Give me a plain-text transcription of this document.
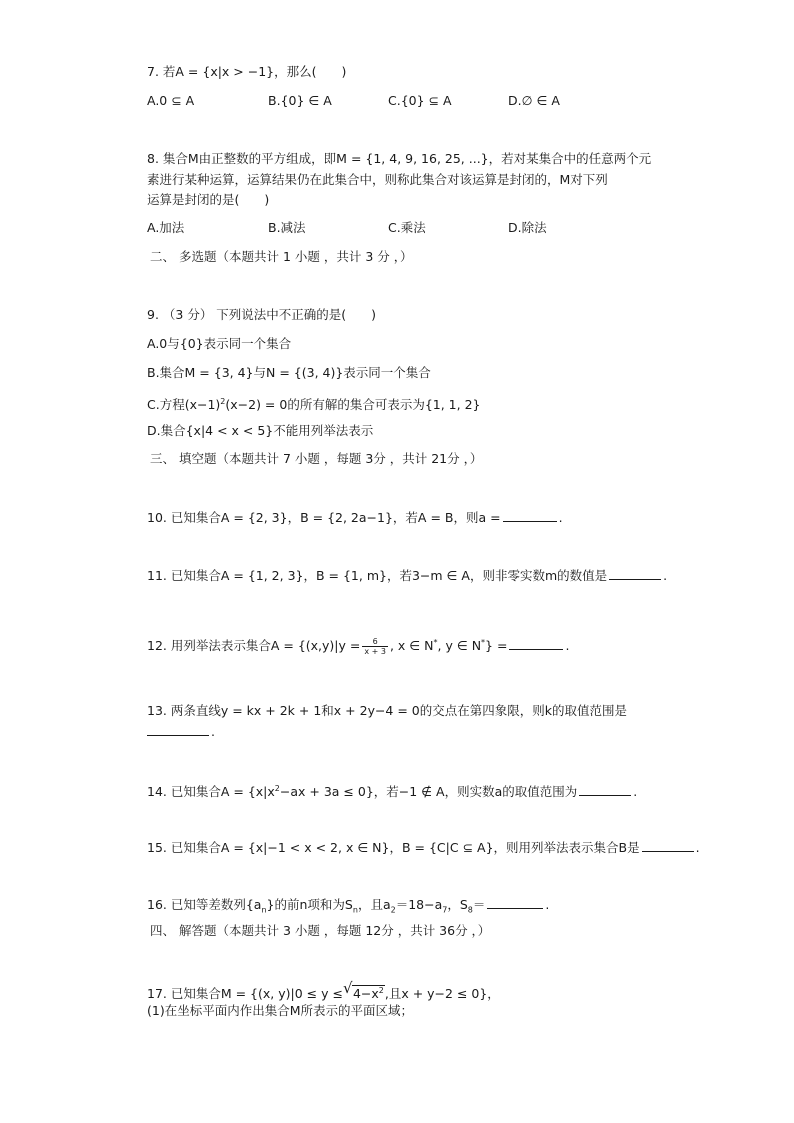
7. 若A = {x|x > −1}，那么(　　)
A.0 ⊆ A	B.{0} ∈ A	C.{0} ⊆ A	D.∅ ∈ A
8. 集合M由正整数的平方组成，即M = {1, 4, 9, 16, 25, ...}，若对某集合中的任意两个元
素进行某种运算，运算结果仍在此集合中，则称此集合对该运算是封闭的，M对下列
运算是封闭的是(　　)
A.加法	B.减法	C.乘法	D.除法
二、 多选题（本题共计 1 小题 ，共计 3 分 ，）
9. （3 分） 下列说法中不正确的是(　　)
A.0与{0}表示同一个集合
B.集合M = {3, 4}与N = {(3, 4)}表示同一个集合
C.方程$(x-1)^2(x-2) = 0$的所有解的集合可表示为{1, 1, 2}
D.集合{x|4 < x < 5}不能用列举法表示
三、 填空题（本题共计 7 小题 ，每题 3分 ，共计 21分 ，）
10. 已知集合A = {2, 3}，B = {2, 2a−1}，若A = B，则a =	.
11. 已知集合A = {1, 2, 3}，B = {1, m}，若3−m ∈ A，则非零实数m的数值是	.
12. 用列举法表示集合$A = \{(x,y)|y = \frac{6}{x + 3}$ , x ∈ N*, y ∈ N*} =	.
13. 两条直线y = kx + 2k + 1和x + 2y−4 = 0的交点在第四象限，则k的取值范围是
.
14. 已知集合$A = \{x|x^2-ax + 3a \le 0\}$，若−1 ∉ A，则实数a的取值范围为	.
15. 已知集合A = {x|−1 < x < 2, x ∈ N}，B = {C|C ⊆ A}，则用列举法表示集合B是	.
16. 已知等差数列$\{a_n\}$的前n项和为$S_n$，且$a_2=18-a_7$，$S_8=$	.
四、 解答题（本题共计 3 小题 ，每题 12分 ，共计 36分 ，）
17. 已知集合M = {(x, y)|0 ≤ y ≤ √ $4-x^2$,且x + y−2 ≤ 0}，
(1)在坐标平面内作出集合M所表示的平面区域；
